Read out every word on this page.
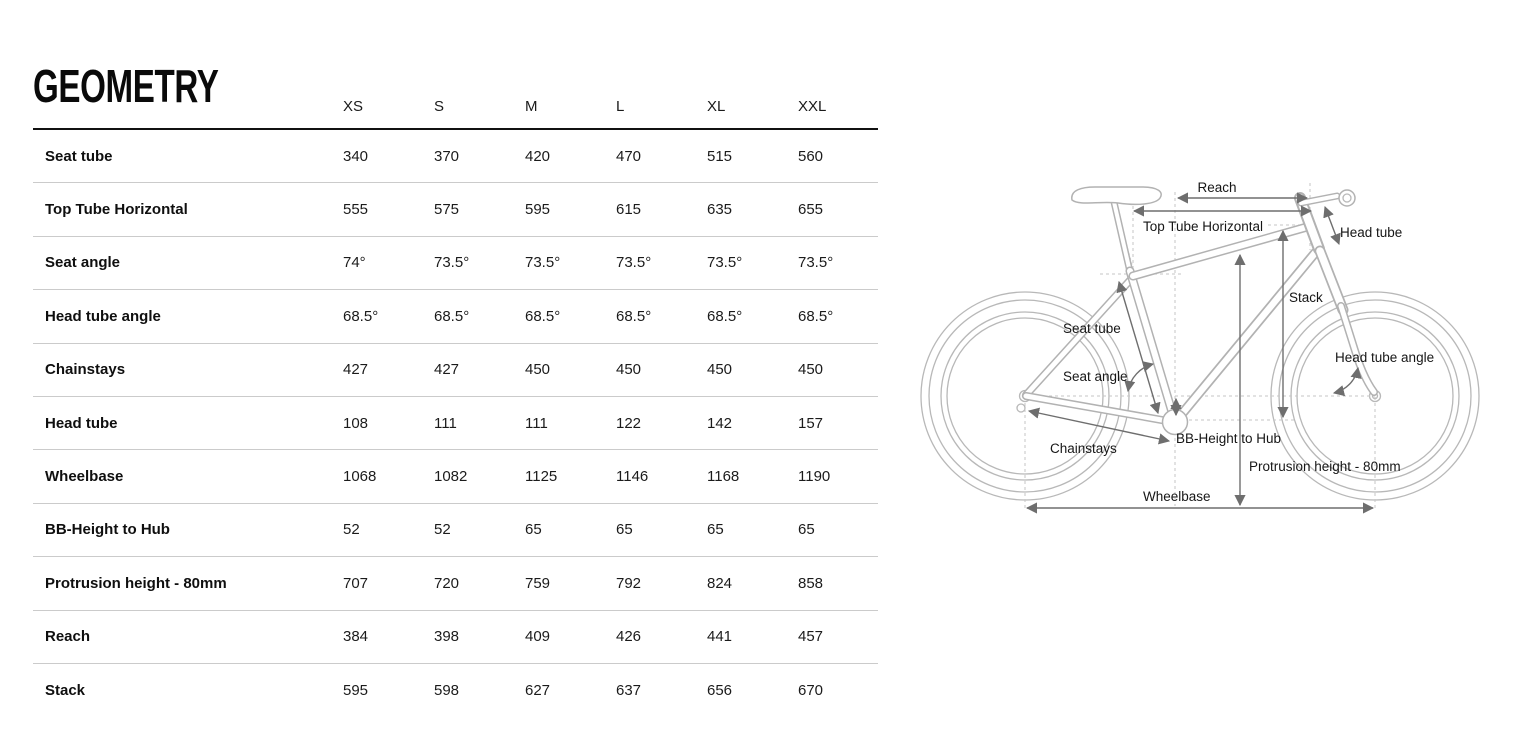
GEOMETRY	XS	S	M	L	XL	XXL
Seat tube	340	370	420	470	515	560
Top Tube Horizontal	555	575	595	615	635	655
Seat angle	74°	73.5°	73.5°	73.5°	73.5°	73.5°
Head tube angle	68.5°	68.5°	68.5°	68.5°	68.5°	68.5°
Chainstays	427	427	450	450	450	450
Head tube	108	111	111	122	142	157
Wheelbase	1068	1082	1125	1146	1168	1190
BB-Height to Hub	52	52	65	65	65	65
Protrusion height - 80mm	707	720	759	792	824	858
Reach	384	398	409	426	441	457
Stack	595	598	627	637	656	670
Reach
Top Tube Horizontal	Head tube
Stack
Seat tube
Head tube angle
Seat angle
Chainstays
BB-Height to Hub
Protrusion height - 80mm
Wheelbase
